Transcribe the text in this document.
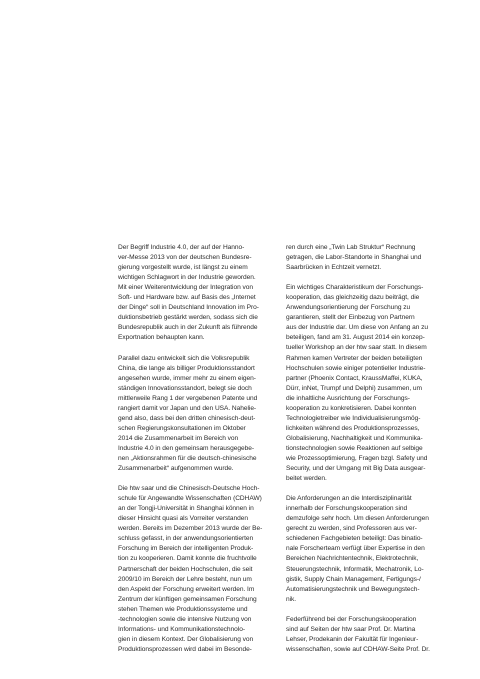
Der Begriff Industrie 4.0, der auf der Hanno-
ver-Messe 2013 von der deutschen Bundesre-
gierung vorgestellt wurde, ist längst zu einem
wichtigen Schlagwort in der Industrie geworden.
Mit einer Weiterentwicklung der Integration von
Soft- und Hardware bzw. auf Basis des „Internet
der Dinge“ soll in Deutschland Innovation im Pro-
duktionsbetrieb gestärkt werden, sodass sich die
Bundesrepublik auch in der Zukunft als führende
Exportnation behaupten kann.

Parallel dazu entwickelt sich die Volksrepublik
China, die lange als billiger Produktionsstandort
angesehen wurde, immer mehr zu einem eigen-
ständigen Innovationsstandort, belegt sie doch
mittlerweile Rang 1 der vergebenen Patente und
rangiert damit vor Japan und den USA. Nahelie-
gend also, dass bei den dritten chinesisch-deut-
schen Regierungskonsultationen im Oktober
2014 die Zusammenarbeit im Bereich von
Industrie 4.0 in den gemeinsam herausgegebe-
nen „Aktionsrahmen für die deutsch-chinesische
Zusammenarbeit“ aufgenommen wurde.

Die htw saar und die Chinesisch-Deutsche Hoch-
schule für Angewandte Wissenschaften (CDHAW)
an der Tongji-Universität in Shanghai können in
dieser Hinsicht quasi als Vorreiter verstanden
werden. Bereits im Dezember 2013 wurde der Be-
schluss gefasst, in der anwendungsorientierten
Forschung im Bereich der intelligenten Produk-
tion zu kooperieren. Damit konnte die fruchtvolle
Partnerschaft der beiden Hochschulen, die seit
2009/10 im Bereich der Lehre besteht, nun um
den Aspekt der Forschung erweitert werden. Im
Zentrum der künftigen gemeinsamen Forschung
stehen Themen wie Produktionssysteme und
-technologien sowie die intensive Nutzung von
Informations- und Kommunikationstechnolo-
gien in diesem Kontext. Der Globalisierung von
Produktionsprozessen wird dabei im Besonde-

ren durch eine „Twin Lab Struktur“ Rechnung
getragen, die Labor-Standorte in Shanghai und
Saarbrücken in Echtzeit vernetzt.

Ein wichtiges Charakteristikum der Forschungs-
kooperation, das gleichzeitig dazu beiträgt, die
Anwendungsorientierung der Forschung zu
garantieren, stellt der Einbezug von Partnern
aus der Industrie dar. Um diese von Anfang an zu
beteiligen, fand am 31. August 2014 ein konzep-
tueller Workshop an der htw saar statt. In diesem
Rahmen kamen Vertreter der beiden beteiligten
Hochschulen sowie einiger potentieller Industrie-
partner (Phoenix Contact, KraussMaffei, KUKA,
Dürr, inNet, Trumpf und Delphi) zusammen, um
die inhaltliche Ausrichtung der Forschungs-
kooperation zu konkretisieren. Dabei konnten
Technologietreiber wie Individualisierungsmög-
lichkeiten während des Produktionsprozesses,
Globalisierung, Nachhaltigkeit und Kommunika-
tionstechnologien sowie Reaktionen auf selbige
wie Prozessoptimierung, Fragen bzgl. Safety und
Security, und der Umgang mit Big Data ausgear-
beitet werden.

Die Anforderungen an die Interdisziplinarität
innerhalb der Forschungskooperation sind
demzufolge sehr hoch. Um diesen Anforderungen
gerecht zu werden, sind Professoren aus ver-
schiedenen Fachgebieten beteiligt: Das binatio-
nale Forscherteam verfügt über Expertise in den
Bereichen Nachrichtentechnik, Elektrotechnik,
Steuerungstechnik, Informatik, Mechatronik, Lo-
gistik, Supply Chain Management, Fertigungs-/
Automatisierungstechnik und Bewegungstech-
nik.

Federführend bei der Forschungskooperation
sind auf Seiten der htw saar Prof. Dr. Martina
Lehser, Prodekanin der Fakultät für Ingenieur-
wissenschaften, sowie auf CDHAW-Seite Prof. Dr.
